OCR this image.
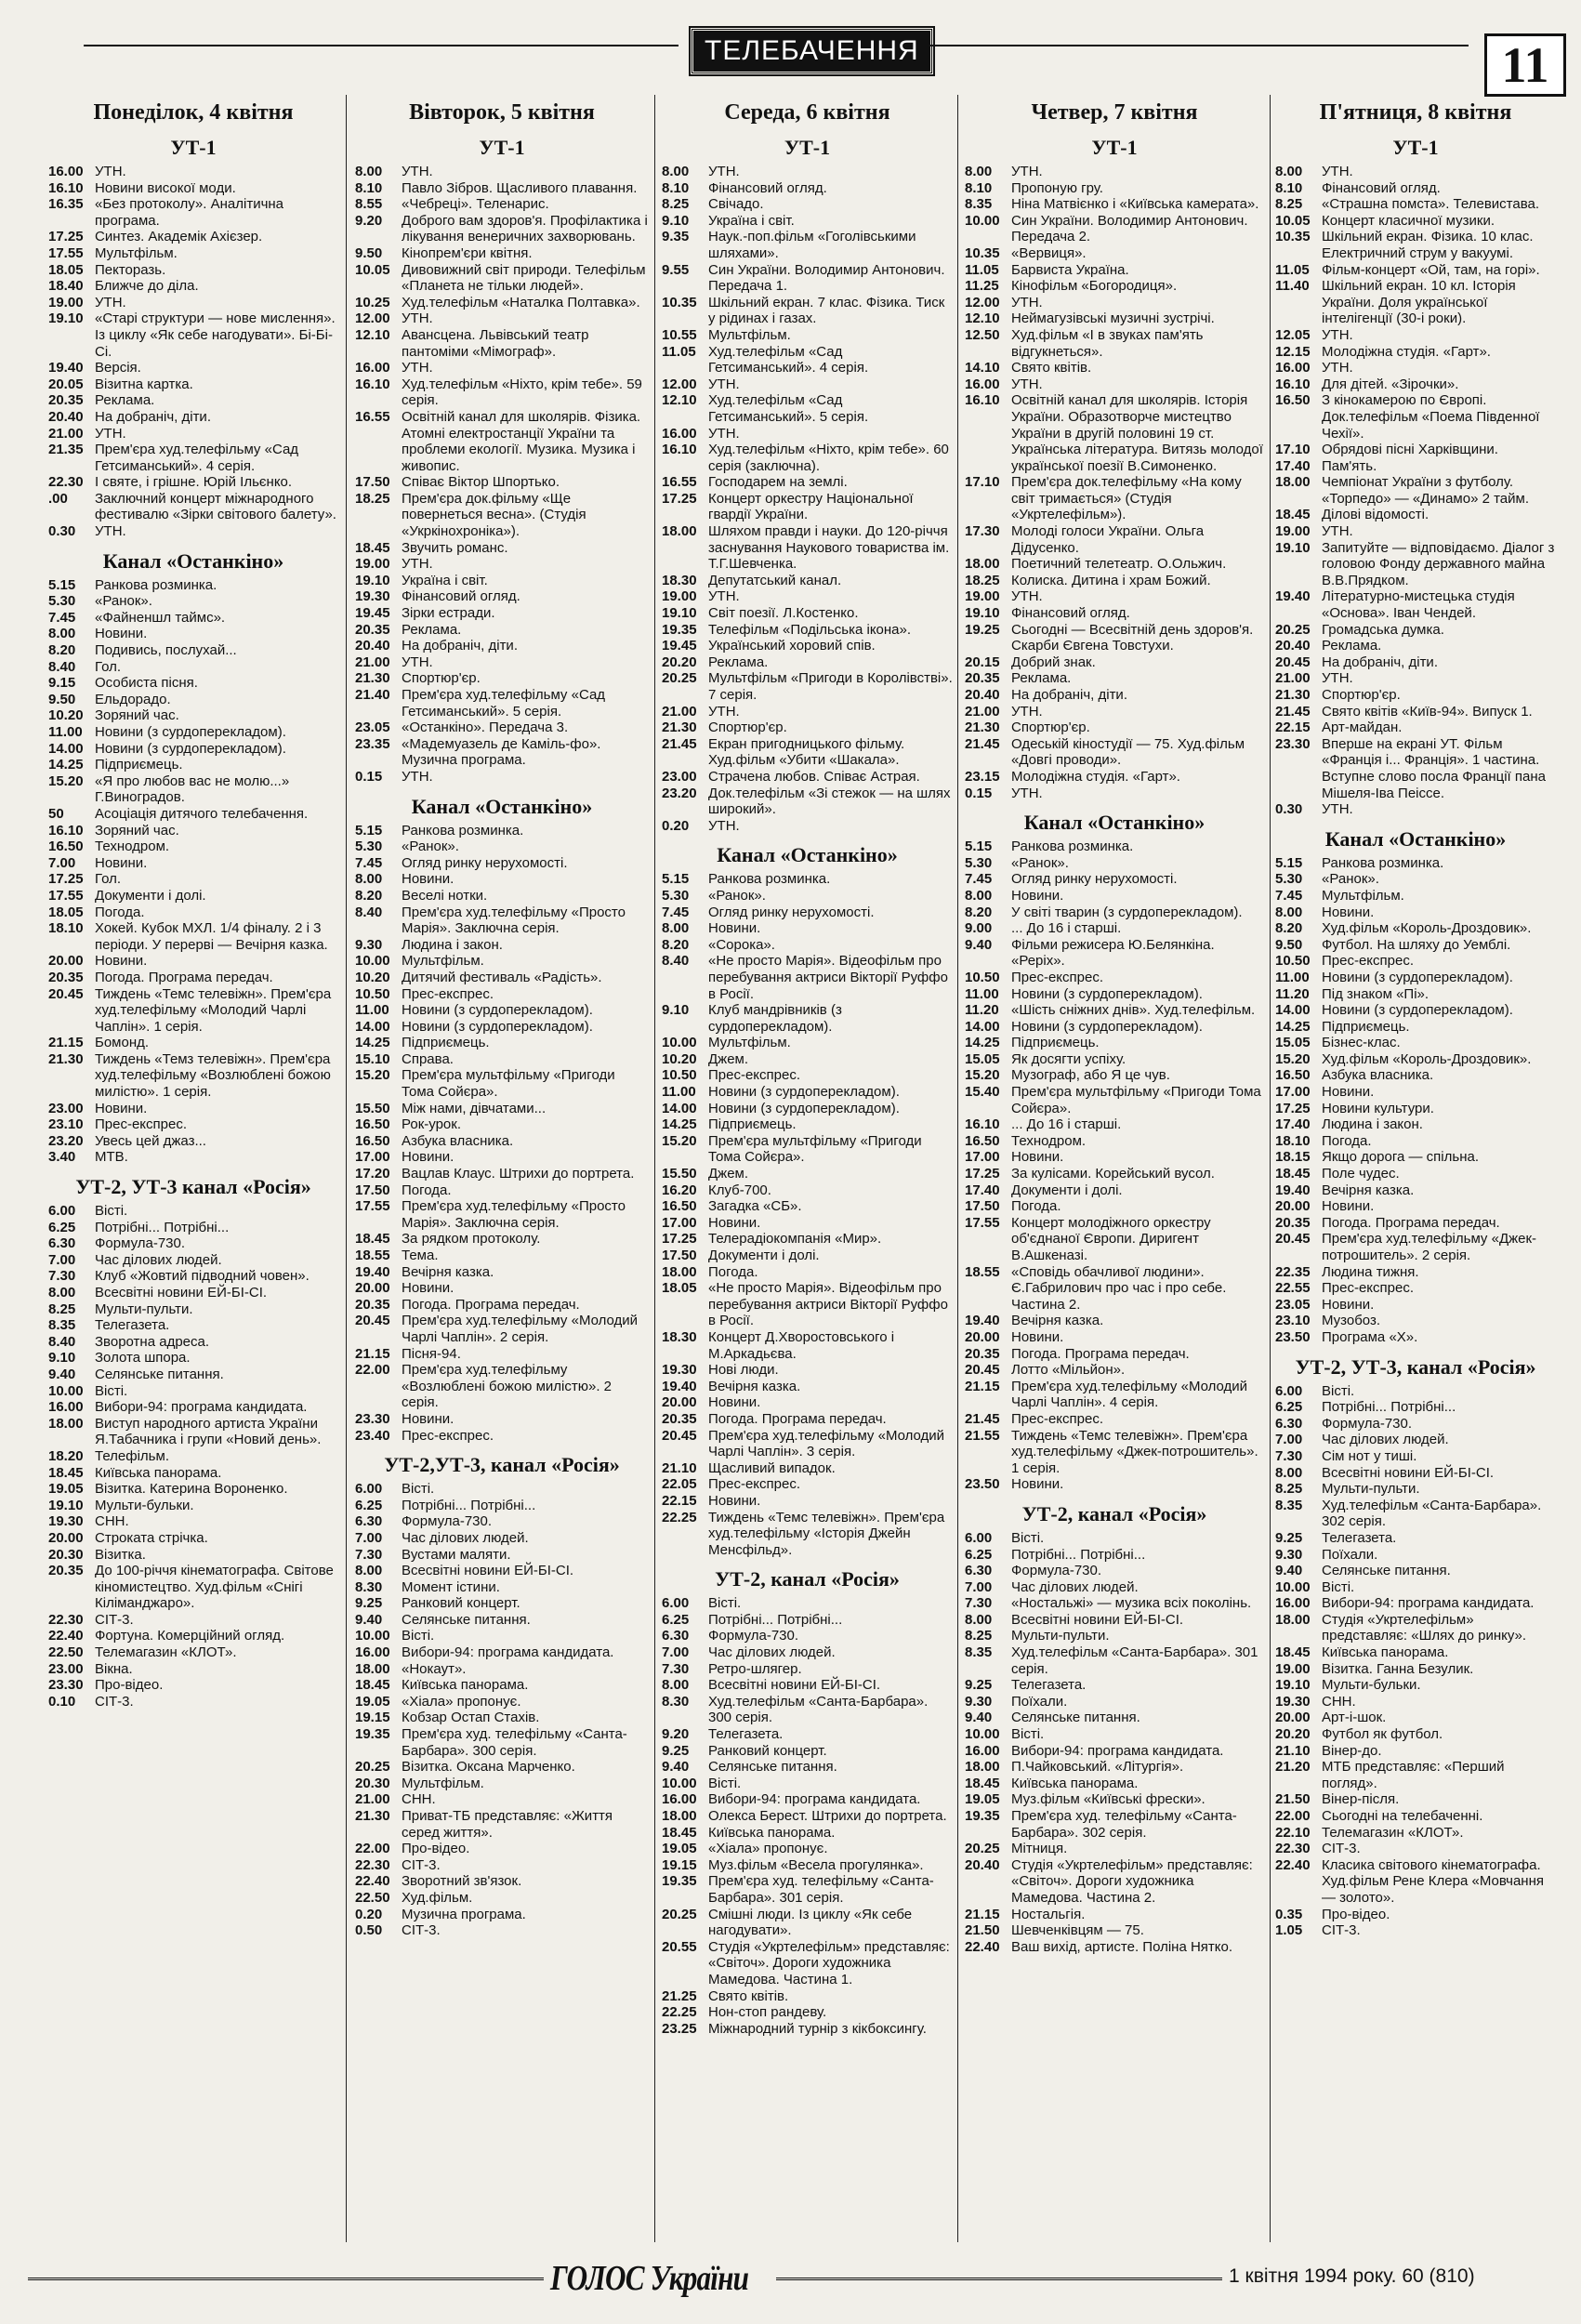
ТЕЛЕБАЧЕННЯ	11
Понеділок, 4 квітня
УТ-1
16.00 УТН.
16.10 Новини високої моди.
16.35 «Без протоколу». Аналітична програма.
17.25 Синтез. Академік Ахієзер.
17.55 Мультфільм.
18.05 Пекторазь.
18.40 Ближче до діла.
19.00 УТН.
19.10 «Старі структури — нове мислення». Із циклу «Як себе нагодувати». Бі-Бі-Сі.
19.40 Версія.
20.05 Візитна картка.
20.35 Реклама.
20.40 На добраніч, діти.
21.00 УТН.
21.35 Прем'єра худ.телефільму «Сад Гетсиманський». 4 серія.
22.30 І святе, і грішне. Юрій Ільєнко.
.00	Заключний концерт міжнародного фестивалю «Зірки світового балету».
0.30	УТН.
Канал «Останкіно»
5.15	Ранкова розминка.
5.30	«Ранок».
7.45	«Файненшл таймс».
8.00	Новини.
8.20	Подивись, послухай...
8.40	Гол.
9.15	Особиста пісня.
9.50	Ельдорадо.
10.20 Зоряний час.
11.00 Новини (з сурдоперекладом).
14.00 Новини (з сурдоперекладом).
14.25 Підприємець.
15.20 «Я про любов вас не молю...» Г.Виноградов.
50	Асоціація дитячого телебачення.
16.10 Зоряний час.
16.50 Технодром.
7.00	Новини.
17.25 Гол.
17.55 Документи і долі.
18.05 Погода.
18.10 Хокей. Кубок МХЛ. 1/4 фіналу. 2 і 3 періоди. У перерві — Вечірня казка.
20.00 Новини.
20.35 Погода. Програма передач.
20.45 Тиждень «Темс телевіжн». Прем'єра худ.телефільму «Молодий Чарлі Чаплін». 1 серія.
21.15 Бомонд.
21.30 Тиждень «Темз телевіжн». Прем'єра худ.телефільму «Возлюблені божою милістю». 1 серія.
23.00 Новини.
23.10 Прес-експрес.
23.20 Увесь цей джаз...
3.40	МТВ.
УТ-2, УТ-3 канал «Росія»
6.00	Вісті.
6.25	Потрібні... Потрібні...
6.30	Формула-730.
7.00	Час ділових людей.
7.30	Клуб «Жовтий підводний човен».
8.00	Всесвітні новини ЕЙ-БІ-СІ.
8.25	Мульти-пульти.
8.35	Телегазета.
8.40	Зворотна адреса.
9.10	Золота шпора.
9.40	Селянське питання.
10.00 Вісті.
16.00 Вибори-94: програма кандидата.
18.00 Виступ народного артиста України Я.Табачника і групи «Новий день».
18.20 Телефільм.
18.45 Київська панорама.
19.05 Візитка. Катерина Вороненко.
19.10 Мульти-бульки.
19.30 СНН.
20.00 Строката стрічка.
20.30 Візитка.
20.35 До 100-річчя кінематографа. Світове кіномистецтво. Худ.фільм «Снігі Кіліманджаро».
22.30 СІТ-3.
22.40 Фортуна. Комерційний огляд.
22.50 Телемагазин «КЛОТ».
23.00 Вікна.
23.30 Про-відео.
0.10	СІТ-3.
Вівторок, 5 квітня
УТ-1
8.00	УТН.
8.10	Павло Зібров. Щасливого плавання.
8.55	«Чебреці». Теленарис.
9.20	Доброго вам здоров'я. Профілактика і лікування венеричних захворювань.
9.50	Кінопрем'єри квітня.
10.05 Дивовижний світ природи. Телефільм «Планета не тільки людей».
10.25 Худ.телефільм «Наталка Полтавка».
12.00 УТН.
12.10 Авансцена. Львівський театр пантоміми «Мімограф».
16.00 УТН.
16.10 Худ.телефільм «Ніхто, крім тебе». 59 серія.
16.55 Освітній канал для школярів. Фізика. Атомні електростанції України та проблеми екології. Музика. Музика і живопис.
17.50 Співає Віктор Шпортько.
18.25 Прем'єра док.фільму «Ще повернеться весна». (Студія «Укркінохроніка»).
18.45 Звучить романс.
19.00 УТН.
19.10 Україна і світ.
19.30 Фінансовий огляд.
19.45 Зірки естради.
20.35 Реклама.
20.40 На добраніч, діти.
21.00 УТН.
21.30 Спортюр'єр.
21.40 Прем'єра худ.телефільму «Сад Гетсиманський». 5 серія.
23.05 «Останкіно». Передача 3.
23.35 «Мадемуазель де Каміль-фо». Музична програма.
0.15	УТН.
Канал «Останкіно»
5.15	Ранкова розминка.
5.30	«Ранок».
7.45	Огляд ринку нерухомості.
8.00	Новини.
8.20	Веселі нотки.
8.40	Прем'єра худ.телефільму «Просто Марія». Заключна серія.
9.30	Людина і закон.
10.00 Мультфільм.
10.20 Дитячий фестиваль «Радість».
10.50 Прес-експрес.
11.00 Новини (з сурдоперекладом).
14.00 Новини (з сурдоперекладом).
14.25 Підприємець.
15.10 Справа.
15.20 Прем'єра мультфільму «Пригоди Тома Сойєра».
15.50 Між нами, дівчатами...
16.50 Рок-урок.
16.50 Азбука власника.
17.00 Новини.
17.20 Вацлав Клаус. Штрихи до портрета.
17.50 Погода.
17.55 Прем'єра худ.телефільму «Просто Марія». Заключна серія.
18.45 За рядком протоколу.
18.55 Тема.
19.40 Вечірня казка.
20.00 Новини.
20.35 Погода. Програма передач.
20.45 Прем'єра худ.телефільму «Молодий Чарлі Чаплін». 2 серія.
21.15 Пісня-94.
22.00 Прем'єра худ.телефільму «Возлюблені божою милістю». 2 серія.
23.30 Новини.
23.40 Прес-експрес.
УТ-2,УТ-3, канал «Росія»
6.00	Вісті.
6.25	Потрібні... Потрібні...
6.30	Формула-730.
7.00	Час ділових людей.
7.30	Вустами маляти.
8.00	Всесвітні новини ЕЙ-БІ-СІ.
8.30	Момент істини.
9.25	Ранковий концерт.
9.40	Селянське питання.
10.00 Вісті.
16.00 Вибори-94: програма кандидата.
18.00 «Нокаут».
18.45 Київська панорама.
19.05 «Хіала» пропонує.
19.15 Кобзар Остап Стахів.
19.35 Прем'єра худ. телефільму «Санта-Барбара». 300 серія.
20.25 Візитка. Оксана Марченко.
20.30 Мультфільм.
21.00 СНН.
21.30 Приват-ТБ представляє: «Життя серед життя».
22.00 Про-відео.
22.30 СІТ-3.
22.40 Зворотний зв'язок.
22.50 Худ.фільм.
0.20	Музична програма.
0.50	СІТ-3.
Середа, 6 квітня
УТ-1
8.00	УТН.
8.10	Фінансовий огляд.
8.25	Свічадо.
9.10	Україна і світ.
9.35	Наук.-поп.фільм «Гоголівськими шляхами».
9.55	Син України. Володимир Антонович. Передача 1.
10.35 Шкільний екран. 7 клас. Фізика. Тиск у рідинах і газах.
10.55 Мультфільм.
11.05 Худ.телефільм «Сад Гетсиманський». 4 серія.
12.00 УТН.
12.10 Худ.телефільм «Сад Гетсиманський». 5 серія.
16.00 УТН.
16.10 Худ.телефільм «Ніхто, крім тебе». 60 серія (заключна).
16.55 Господарем на землі.
17.25 Концерт оркестру Національної гвардії України.
18.00 Шляхом правди і науки. До 120-річчя заснування Наукового товариства ім. Т.Г.Шевченка.
18.30 Депутатський канал.
19.00 УТН.
19.10 Світ поезії. Л.Костенко.
19.35 Телефільм «Подільська ікона».
19.45 Український хоровий спів.
20.20 Реклама.
20.25 Мультфільм «Пригоди в Королівстві». 7 серія.
21.00 УТН.
21.30 Спортюр'єр.
21.45 Екран пригодницького фільму. Худ.фільм «Убити «Шакала».
23.00 Страчена любов. Співає Астрая.
23.20 Док.телефільм «Зі стежок — на шлях широкий».
0.20	УТН.
Канал «Останкіно»
5.15	Ранкова розминка.
5.30	«Ранок».
7.45	Огляд ринку нерухомості.
8.00	Новини.
8.20	«Сорока».
8.40	«Не просто Марія». Відеофільм про перебування актриси Вікторії Руффо в Росії.
9.10	Клуб мандрівників (з сурдоперекладом).
10.00 Мультфільм.
10.20 Джем.
10.50 Прес-експрес.
11.00 Новини (з сурдоперекладом).
14.00 Новини (з сурдоперекладом).
14.25 Підприємець.
15.20 Прем'єра мультфільму «Пригоди Тома Сойєра».
15.50 Джем.
16.20 Клуб-700.
16.50 Загадка «СБ».
17.00 Новини.
17.25 Телерадіокомпанія «Мир».
17.50 Документи і долі.
18.00 Погода.
18.05 «Не просто Марія». Відеофільм про перебування актриси Вікторії Руффо в Росії.
18.30 Концерт Д.Хворостовського і М.Аркадьєва.
19.30 Нові люди.
19.40 Вечірня казка.
20.00 Новини.
20.35 Погода. Програма передач.
20.45 Прем'єра худ.телефільму «Молодий Чарлі Чаплін». 3 серія.
21.10 Щасливий випадок.
22.05 Прес-експрес.
22.15 Новини.
22.25 Тиждень «Темс телевіжн». Прем'єра худ.телефільму «Історія Джейн Менсфільд».
УТ-2, канал «Росія»
6.00	Вісті.
6.25	Потрібні... Потрібні...
6.30	Формула-730.
7.00	Час ділових людей.
7.30	Ретро-шлягер.
8.00	Всесвітні новини ЕЙ-БІ-СІ.
8.30	Худ.телефільм «Санта-Барбара». 300 серія.
9.20	Телегазета.
9.25	Ранковий концерт.
9.40	Селянське питання.
10.00 Вісті.
16.00 Вибори-94: програма кандидата.
18.00 Олекса Берест. Штрихи до портрета.
18.45 Київська панорама.
19.05 «Хіала» пропонує.
19.15 Муз.фільм «Весела прогулянка».
19.35 Прем'єра худ. телефільму «Санта-Барбара». 301 серія.
20.25 Смішні люди. Із циклу «Як себе нагодувати».
20.55 Студія «Укртелефільм» представляє: «Світоч». Дороги художника Мамедова. Частина 1.
21.25 Свято квітів.
22.25 Нон-стоп рандеву.
23.25 Міжнародний турнір з кікбоксингу.
Четвер, 7 квітня
УТ-1
8.00	УТН.
8.10	Пропоную гру.
8.35	Ніна Матвієнко і «Київська камерата».
10.00 Син України. Володимир Антонович. Передача 2.
10.35 «Вервиця».
11.05 Барвиста Україна.
11.25 Кінофільм «Богородиця».
12.00 УТН.
12.10 Неймагузівські музичні зустрічі.
12.50 Худ.фільм «І в звуках пам'ять відгукнеться».
14.10 Свято квітів.
16.00 УТН.
16.10 Освітній канал для школярів. Історія України. Образотворче мистецтво України в другій половині 19 ст. Українська література. Витязь молодої української поезії В.Симоненко.
17.10 Прем'єра док.телефільму «На кому світ тримається» (Студія «Укртелефільм»).
17.30 Молоді голоси України. Ольга Дідусенко.
18.00 Поетичний телетеатр. О.Ольжич.
18.25 Колиска. Дитина і храм Божий.
19.00 УТН.
19.10 Фінансовий огляд.
19.25 Сьогодні — Всесвітній день здоров'я. Скарби Євгена Товстухи.
20.15 Добрий знак.
20.35 Реклама.
20.40 На добраніч, діти.
21.00 УТН.
21.30 Спортюр'єр.
21.45 Одеській кіностудії — 75. Худ.фільм «Довгі проводи».
23.15 Молодіжна студія. «Гарт».
0.15	УТН.
Канал «Останкіно»
5.15	Ранкова розминка.
5.30	«Ранок».
7.45	Огляд ринку нерухомості.
8.00	Новини.
8.20	У світі тварин (з сурдоперекладом).
9.00	... До 16 і старші.
9.40	Фільми режисера Ю.Белянкіна. «Реріх».
10.50 Прес-експрес.
11.00 Новини (з сурдоперекладом).
11.20 «Шість сніжних днів». Худ.телефільм.
14.00 Новини (з сурдоперекладом).
14.25 Підприємець.
15.05 Як досягти успіху.
15.20 Музограф, або Я це чув.
15.40 Прем'єра мультфільму «Пригоди Тома Сойєра».
16.10 ... До 16 і старші.
16.50 Технодром.
17.00 Новини.
17.25 За кулісами. Корейський вусол.
17.40 Документи і долі.
17.50 Погода.
17.55 Концерт молодіжного оркестру об'єднаної Європи. Диригент В.Ашкеназі.
18.55 «Сповідь обачливої людини». Є.Габрилович про час і про себе. Частина 2.
19.40 Вечірня казка.
20.00 Новини.
20.35 Погода. Програма передач.
20.45 Лотто «Мільйон».
21.15 Прем'єра худ.телефільму «Молодий Чарлі Чаплін». 4 серія.
21.45 Прес-експрес.
21.55 Тиждень «Темс телевіжн». Прем'єра худ.телефільму «Джек-потрошитель». 1 серія.
23.50 Новини.
УТ-2, канал «Росія»
6.00	Вісті.
6.25	Потрібні... Потрібні...
6.30	Формула-730.
7.00	Час ділових людей.
7.30	«Ностальжі» — музика всіх поколінь.
8.00	Всесвітні новини ЕЙ-БІ-СІ.
8.25	Мульти-пульти.
8.35	Худ.телефільм «Санта-Барбара». 301 серія.
9.25	Телегазета.
9.30	Поїхали.
9.40	Селянське питання.
10.00 Вісті.
16.00 Вибори-94: програма кандидата.
18.00 П.Чайковський. «Літургія».
18.45 Київська панорама.
19.05 Муз.фільм «Київські фрески».
19.35 Прем'єра худ. телефільму «Санта-Барбара». 302 серія.
20.25 Мітниця.
20.40 Студія «Укртелефільм» представляє: «Світоч». Дороги художника Мамедова. Частина 2.
21.15 Ностальгія.
21.50 Шевченківцям — 75.
22.40 Ваш вихід, артисте. Поліна Нятко.
П'ятниця, 8 квітня
УТ-1
8.00	УТН.
8.10	Фінансовий огляд.
8.25	«Страшна помста». Телевистава.
10.05 Концерт класичної музики.
10.35 Шкільний екран. Фізика. 10 клас. Електричний струм у вакуумі.
11.05 Фільм-концерт «Ой, там, на горі».
11.40 Шкільний екран. 10 кл. Історія України. Доля української інтелігенції (30-і роки).
12.05 УТН.
12.15 Молодіжна студія. «Гарт».
16.00 УТН.
16.10 Для дітей. «Зірочки».
16.50 З кінокамерою по Європі. Док.телефільм «Поема Південної Чехії».
17.10 Обрядові пісні Харківщини.
17.40 Пам'ять.
18.00 Чемпіонат України з футболу. «Торпедо» — «Динамо» 2 тайм.
18.45 Ділові відомості.
19.00 УТН.
19.10 Запитуйте — відповідаємо. Діалог з головою Фонду державного майна В.В.Прядком.
19.40 Літературно-мистецька студія «Основа». Іван Чендей.
20.25 Громадська думка.
20.40 Реклама.
20.45 На добраніч, діти.
21.00 УТН.
21.30 Спортюр'єр.
21.45 Свято квітів «Київ-94». Випуск 1.
22.15 Арт-майдан.
23.30 Вперше на екрані УТ. Фільм «Франція і... Франція». 1 частина. Вступне слово посла Франції пана Мішеля-Іва Пеіссе.
0.30	УТН.
Канал «Останкіно»
5.15	Ранкова розминка.
5.30	«Ранок».
7.45	Мультфільм.
8.00	Новини.
8.20	Худ.фільм «Король-Дроздовик».
9.50	Футбол. На шляху до Уемблі.
10.50 Прес-експрес.
11.00 Новини (з сурдоперекладом).
11.20 Під знаком «Пі».
14.00 Новини (з сурдоперекладом).
14.25 Підприємець.
15.05 Бізнес-клас.
15.20 Худ.фільм «Король-Дроздовик».
16.50 Азбука власника.
17.00 Новини.
17.25 Новини культури.
17.40 Людина і закон.
18.10 Погода.
18.15 Якщо дорога — спільна.
18.45 Поле чудес.
19.40 Вечірня казка.
20.00 Новини.
20.35 Погода. Програма передач.
20.45 Прем'єра худ.телефільму «Джек-потрошитель». 2 серія.
22.35 Людина тижня.
22.55 Прес-експрес.
23.05 Новини.
23.10 Музобоз.
23.50 Програма «Х».
УТ-2, УТ-3, канал «Росія»
6.00	Вісті.
6.25	Потрібні... Потрібні...
6.30	Формула-730.
7.00	Час ділових людей.
7.30	Сім нот у тиші.
8.00	Всесвітні новини ЕЙ-БІ-СІ.
8.25	Мульти-пульти.
8.35	Худ.телефільм «Санта-Барбара». 302 серія.
9.25	Телегазета.
9.30	Поїхали.
9.40	Селянське питання.
10.00 Вісті.
16.00 Вибори-94: програма кандидата.
18.00 Студія «Укртелефільм» представляє: «Шлях до ринку».
18.45 Київська панорама.
19.00 Візитка. Ганна Безулик.
19.10 Мульти-бульки.
19.30 СНН.
20.00 Арт-і-шок.
20.20 Футбол як футбол.
21.10 Вінер-до.
21.20 МТБ представляє: «Перший погляд».
21.50 Вінер-після.
22.00 Сьогодні на телебаченні.
22.10 Телемагазин «КЛОТ».
22.30 СІТ-3.
22.40 Класика світового кінематографа. Худ.фільм Рене Клера «Мовчання — золото».
0.35	Про-відео.
1.05	СІТ-3.
ГОЛОС України	1 квітня 1994 року. 60 (810)
